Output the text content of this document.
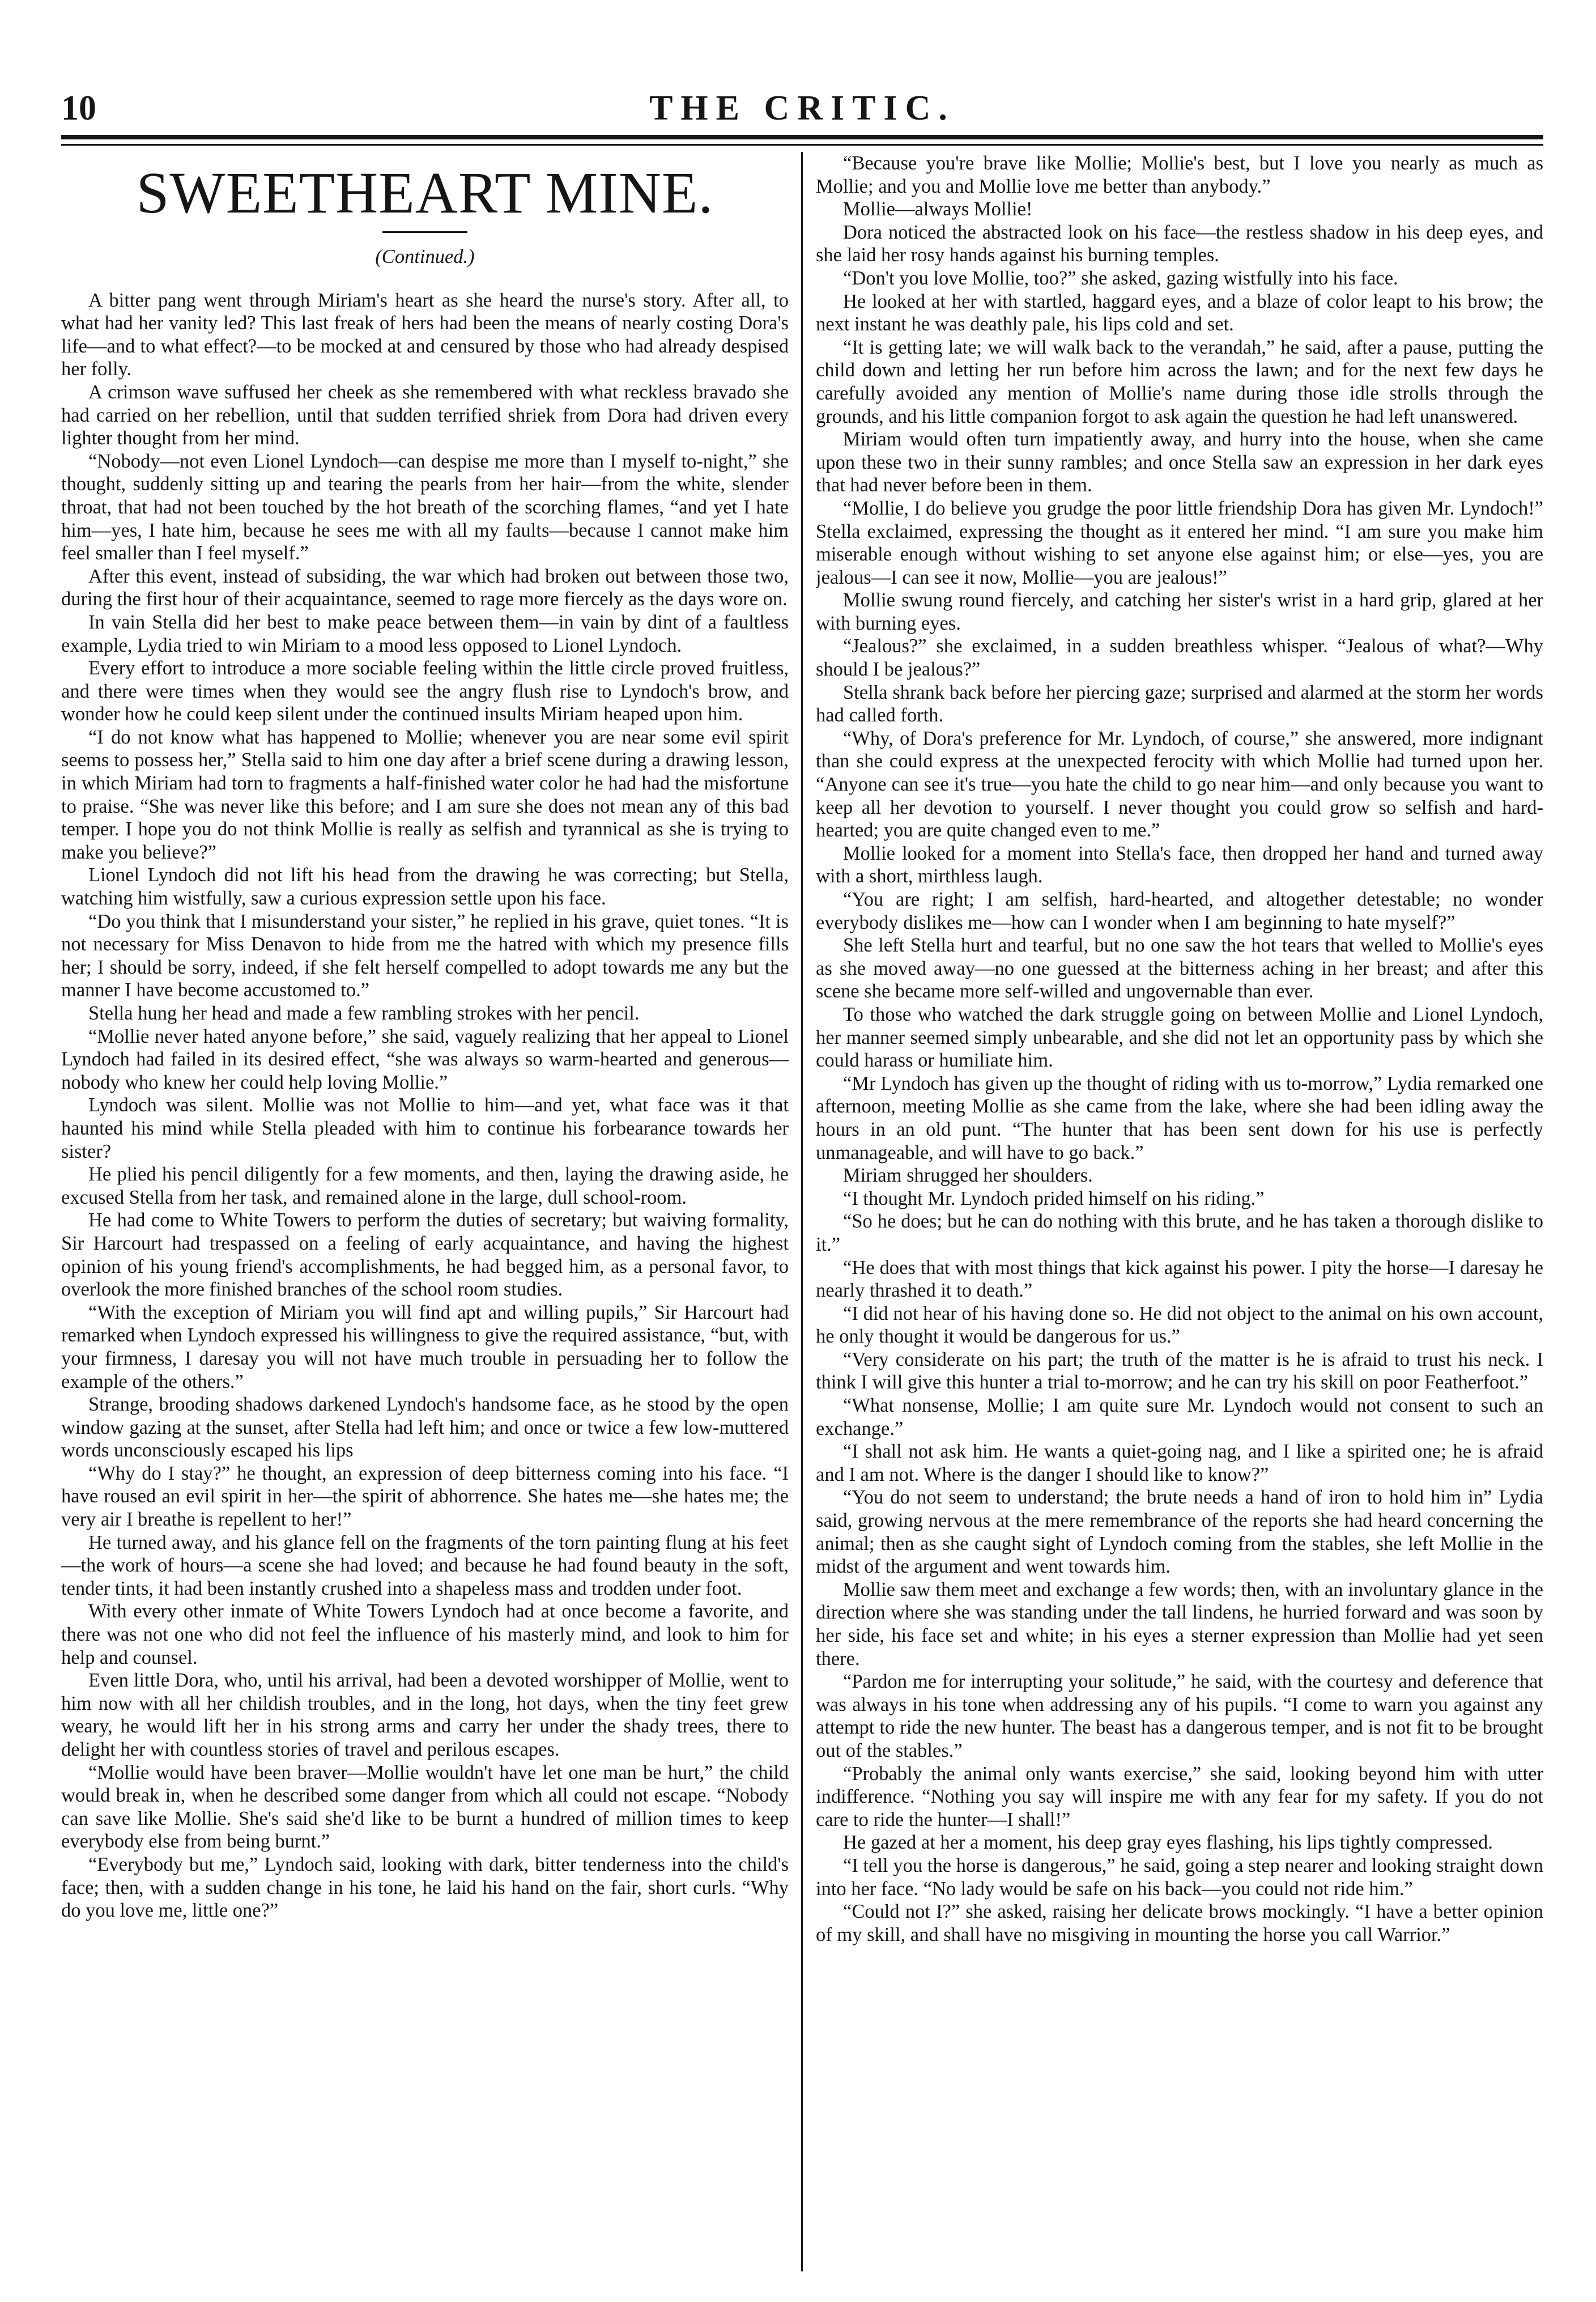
10	THE CRITIC.
SWEETHEART MINE.
(Continued.)

A bitter pang went through Miriam's heart as she heard the nurse's story. After all, to what had her vanity led? This last freak of hers had been the means of nearly costing Dora's life—and to what effect?—to be mocked at and censured by those who had already despised her folly.

A crimson wave suffused her cheek as she remembered with what reckless bravado she had carried on her rebellion, until that sudden terrified shriek from Dora had driven every lighter thought from her mind.

“Nobody—not even Lionel Lyndoch—can despise me more than I myself to-night,” she thought, suddenly sitting up and tearing the pearls from her hair—from the white, slender throat, that had not been touched by the hot breath of the scorching flames, “and yet I hate him—yes, I hate him, because he sees me with all my faults—because I cannot make him feel smaller than I feel myself.”

After this event, instead of subsiding, the war which had broken out between those two, during the first hour of their acquaintance, seemed to rage more fiercely as the days wore on.

In vain Stella did her best to make peace between them—in vain by dint of a faultless example, Lydia tried to win Miriam to a mood less opposed to Lionel Lyndoch.

Every effort to introduce a more sociable feeling within the little circle proved fruitless, and there were times when they would see the angry flush rise to Lyndoch's brow, and wonder how he could keep silent under the continued insults Miriam heaped upon him.

“I do not know what has happened to Mollie; whenever you are near some evil spirit seems to possess her,” Stella said to him one day after a brief scene during a drawing lesson, in which Miriam had torn to fragments a half-finished water color he had had the misfortune to praise. “She was never like this before; and I am sure she does not mean any of this bad temper. I hope you do not think Mollie is really as selfish and tyrannical as she is trying to make you believe?”

Lionel Lyndoch did not lift his head from the drawing he was correcting; but Stella, watching him wistfully, saw a curious expression settle upon his face.

“Do you think that I misunderstand your sister,” he replied in his grave, quiet tones. “It is not necessary for Miss Denavon to hide from me the hatred with which my presence fills her; I should be sorry, indeed, if she felt herself compelled to adopt towards me any but the manner I have become accustomed to.”

Stella hung her head and made a few rambling strokes with her pencil.

“Mollie never hated anyone before,” she said, vaguely realizing that her appeal to Lionel Lyndoch had failed in its desired effect, “she was always so warm-hearted and generous—nobody who knew her could help loving Mollie.”

Lyndoch was silent. Mollie was not Mollie to him—and yet, what face was it that haunted his mind while Stella pleaded with him to continue his forbearance towards her sister?

He plied his pencil diligently for a few moments, and then, laying the drawing aside, he excused Stella from her task, and remained alone in the large, dull school-room.

He had come to White Towers to perform the duties of secretary; but waiving formality, Sir Harcourt had trespassed on a feeling of early acquaintance, and having the highest opinion of his young friend's accomplishments, he had begged him, as a personal favor, to overlook the more finished branches of the school room studies.

“With the exception of Miriam you will find apt and willing pupils,” Sir Harcourt had remarked when Lyndoch expressed his willingness to give the required assistance, “but, with your firmness, I daresay you will not have much trouble in persuading her to follow the example of the others.”

Strange, brooding shadows darkened Lyndoch's handsome face, as he stood by the open window gazing at the sunset, after Stella had left him; and once or twice a few low-muttered words unconsciously escaped his lips

“Why do I stay?” he thought, an expression of deep bitterness coming into his face. “I have roused an evil spirit in her—the spirit of abhorrence. She hates me—she hates me; the very air I breathe is repellent to her!”

He turned away, and his glance fell on the fragments of the torn painting flung at his feet—the work of hours—a scene she had loved; and because he had found beauty in the soft, tender tints, it had been instantly crushed into a shapeless mass and trodden under foot.

With every other inmate of White Towers Lyndoch had at once become a favorite, and there was not one who did not feel the influence of his masterly mind, and look to him for help and counsel.

Even little Dora, who, until his arrival, had been a devoted worshipper of Mollie, went to him now with all her childish troubles, and in the long, hot days, when the tiny feet grew weary, he would lift her in his strong arms and carry her under the shady trees, there to delight her with countless stories of travel and perilous escapes.

“Mollie would have been braver—Mollie wouldn't have let one man be hurt,” the child would break in, when he described some danger from which all could not escape. “Nobody can save like Mollie. She's said she'd like to be burnt a hundred of million times to keep everybody else from being burnt.”

“Everybody but me,” Lyndoch said, looking with dark, bitter tenderness into the child's face; then, with a sudden change in his tone, he laid his hand on the fair, short curls. “Why do you love me, little one?”

“Because you're brave like Mollie; Mollie's best, but I love you nearly as much as Mollie; and you and Mollie love me better than anybody.”

Mollie—always Mollie!

Dora noticed the abstracted look on his face—the restless shadow in his deep eyes, and she laid her rosy hands against his burning temples.

“Don't you love Mollie, too?” she asked, gazing wistfully into his face.

He looked at her with startled, haggard eyes, and a blaze of color leapt to his brow; the next instant he was deathly pale, his lips cold and set.

“It is getting late; we will walk back to the verandah,” he said, after a pause, putting the child down and letting her run before him across the lawn; and for the next few days he carefully avoided any mention of Mollie's name during those idle strolls through the grounds, and his little companion forgot to ask again the question he had left unanswered.

Miriam would often turn impatiently away, and hurry into the house, when she came upon these two in their sunny rambles; and once Stella saw an expression in her dark eyes that had never before been in them.

“Mollie, I do believe you grudge the poor little friendship Dora has given Mr. Lyndoch!” Stella exclaimed, expressing the thought as it entered her mind. “I am sure you make him miserable enough without wishing to set anyone else against him; or else—yes, you are jealous—I can see it now, Mollie—you are jealous!”

Mollie swung round fiercely, and catching her sister's wrist in a hard grip, glared at her with burning eyes.

“Jealous?” she exclaimed, in a sudden breathless whisper. “Jealous of what?—Why should I be jealous?”

Stella shrank back before her piercing gaze; surprised and alarmed at the storm her words had called forth.

“Why, of Dora's preference for Mr. Lyndoch, of course,” she answered, more indignant than she could express at the unexpected ferocity with which Mollie had turned upon her. “Anyone can see it's true—you hate the child to go near him—and only because you want to keep all her devotion to yourself. I never thought you could grow so selfish and hard-hearted; you are quite changed even to me.”

Mollie looked for a moment into Stella's face, then dropped her hand and turned away with a short, mirthless laugh.

“You are right; I am selfish, hard-hearted, and altogether detestable; no wonder everybody dislikes me—how can I wonder when I am beginning to hate myself?”

She left Stella hurt and tearful, but no one saw the hot tears that welled to Mollie's eyes as she moved away—no one guessed at the bitterness aching in her breast; and after this scene she became more self-willed and ungovernable than ever.

To those who watched the dark struggle going on between Mollie and Lionel Lyndoch, her manner seemed simply unbearable, and she did not let an opportunity pass by which she could harass or humiliate him.

“Mr Lyndoch has given up the thought of riding with us to-morrow,” Lydia remarked one afternoon, meeting Mollie as she came from the lake, where she had been idling away the hours in an old punt. “The hunter that has been sent down for his use is perfectly unmanageable, and will have to go back.”

Miriam shrugged her shoulders.

“I thought Mr. Lyndoch prided himself on his riding.”

“So he does; but he can do nothing with this brute, and he has taken a thorough dislike to it.”

“He does that with most things that kick against his power. I pity the horse—I daresay he nearly thrashed it to death.”

“I did not hear of his having done so. He did not object to the animal on his own account, he only thought it would be dangerous for us.”

“Very considerate on his part; the truth of the matter is he is afraid to trust his neck. I think I will give this hunter a trial to-morrow; and he can try his skill on poor Featherfoot.”

“What nonsense, Mollie; I am quite sure Mr. Lyndoch would not consent to such an exchange.”

“I shall not ask him. He wants a quiet-going nag, and I like a spirited one; he is afraid and I am not. Where is the danger I should like to know?”

“You do not seem to understand; the brute needs a hand of iron to hold him in” Lydia said, growing nervous at the mere remembrance of the reports she had heard concerning the animal; then as she caught sight of Lyndoch coming from the stables, she left Mollie in the midst of the argument and went towards him.

Mollie saw them meet and exchange a few words; then, with an involuntary glance in the direction where she was standing under the tall lindens, he hurried forward and was soon by her side, his face set and white; in his eyes a sterner expression than Mollie had yet seen there.

“Pardon me for interrupting your solitude,” he said, with the courtesy and deference that was always in his tone when addressing any of his pupils. “I come to warn you against any attempt to ride the new hunter. The beast has a dangerous temper, and is not fit to be brought out of the stables.”

“Probably the animal only wants exercise,” she said, looking beyond him with utter indifference. “Nothing you say will inspire me with any fear for my safety. If you do not care to ride the hunter—I shall!”

He gazed at her a moment, his deep gray eyes flashing, his lips tightly compressed.

“I tell you the horse is dangerous,” he said, going a step nearer and looking straight down into her face. “No lady would be safe on his back—you could not ride him.”

“Could not I?” she asked, raising her delicate brows mockingly. “I have a better opinion of my skill, and shall have no misgiving in mounting the horse you call Warrior.”
